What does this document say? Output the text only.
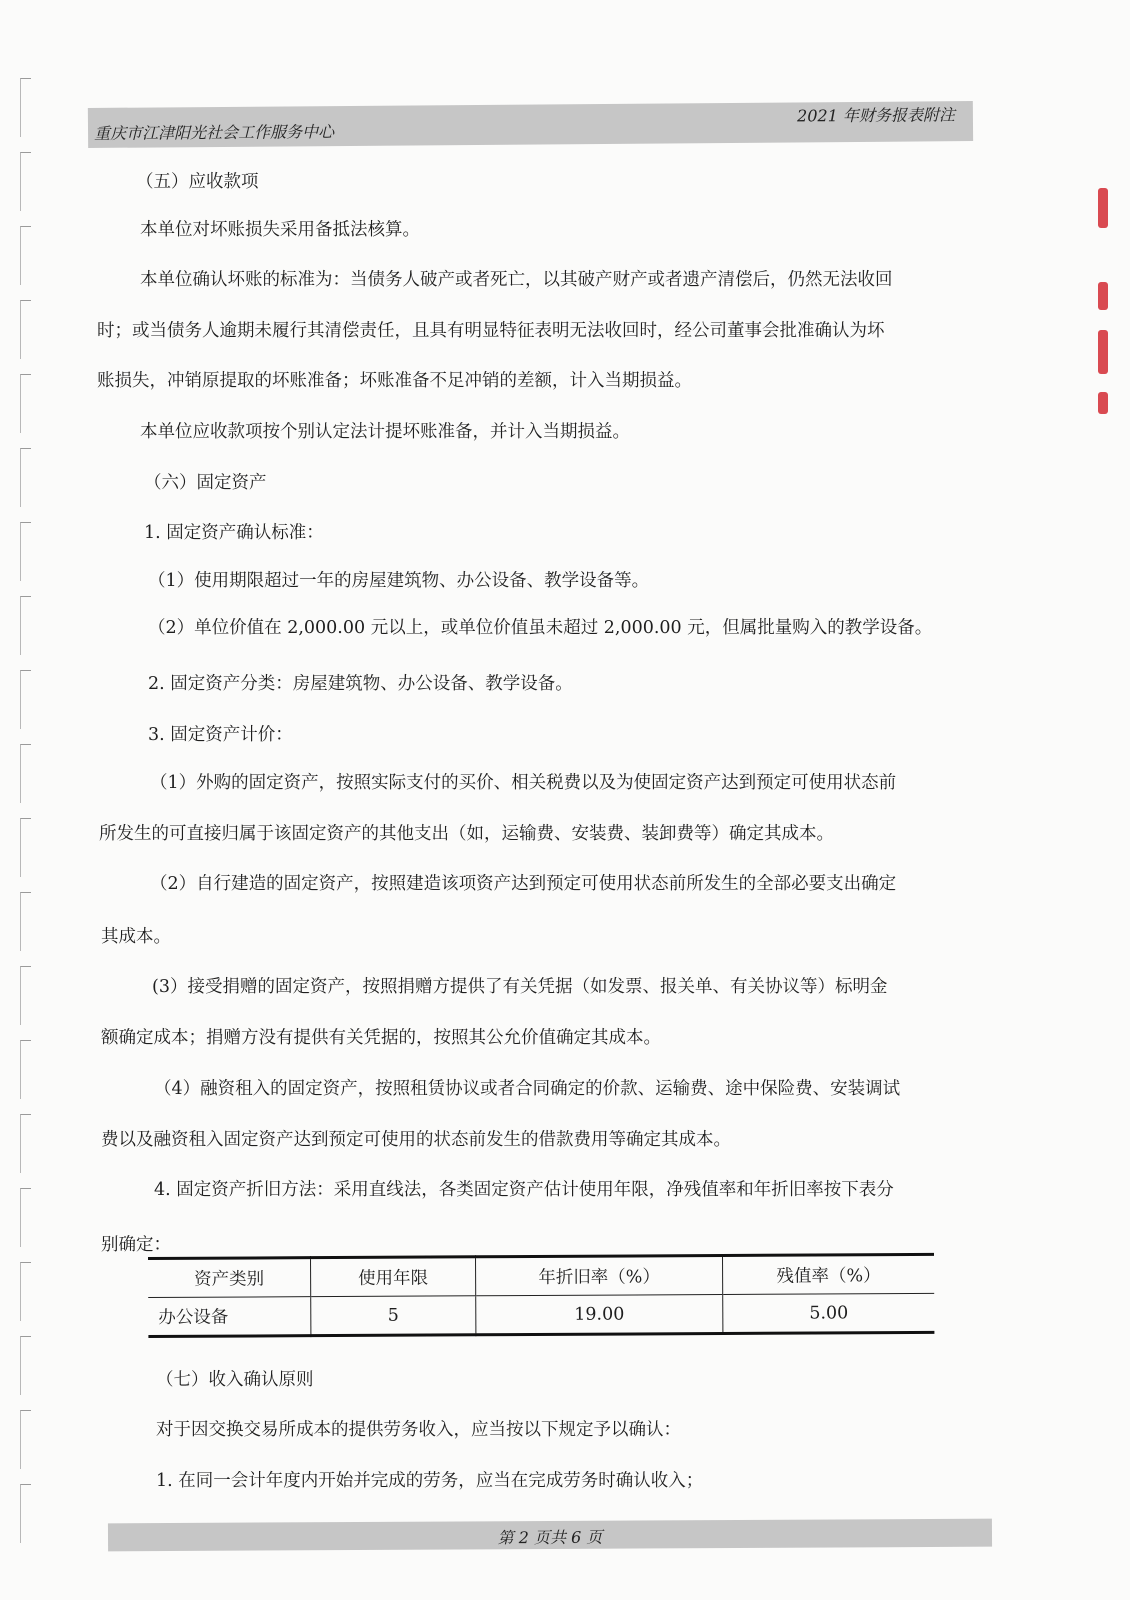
重庆市江津阳光社会工作服务中心
2021 年财务报表附注

（五）应收款项

本单位对坏账损失采用备抵法核算。

本单位确认坏账的标准为：当债务人破产或者死亡，以其破产财产或者遗产清偿后，仍然无法收回

时；或当债务人逾期未履行其清偿责任，且具有明显特征表明无法收回时，经公司董事会批准确认为坏

账损失，冲销原提取的坏账准备；坏账准备不足冲销的差额，计入当期损益。

本单位应收款项按个别认定法计提坏账准备，并计入当期损益。

（六）固定资产

1. 固定资产确认标准：

（1）使用期限超过一年的房屋建筑物、办公设备、教学设备等。

（2）单位价值在 2,000.00 元以上，或单位价值虽未超过 2,000.00 元，但属批量购入的教学设备。

2. 固定资产分类：房屋建筑物、办公设备、教学设备。

3. 固定资产计价：

（1）外购的固定资产，按照实际支付的买价、相关税费以及为使固定资产达到预定可使用状态前

所发生的可直接归属于该固定资产的其他支出（如，运输费、安装费、装卸费等）确定其成本。

（2）自行建造的固定资产，按照建造该项资产达到预定可使用状态前所发生的全部必要支出确定

其成本。

(3）接受捐赠的固定资产，按照捐赠方提供了有关凭据（如发票、报关单、有关协议等）标明金

额确定成本；捐赠方没有提供有关凭据的，按照其公允价值确定其成本。

（4）融资租入的固定资产，按照租赁协议或者合同确定的价款、运输费、途中保险费、安装调试

费以及融资租入固定资产达到预定可使用的状态前发生的借款费用等确定其成本。

4. 固定资产折旧方法：采用直线法，各类固定资产估计使用年限，净残值率和年折旧率按下表分

别确定：

资产类别	使用年限	年折旧率（%）	残值率（%）
办公设备	5	19.00	5.00

（七）收入确认原则

对于因交换交易所成本的提供劳务收入，应当按以下规定予以确认：

1. 在同一会计年度内开始并完成的劳务，应当在完成劳务时确认收入；

第 2 页共 6 页
